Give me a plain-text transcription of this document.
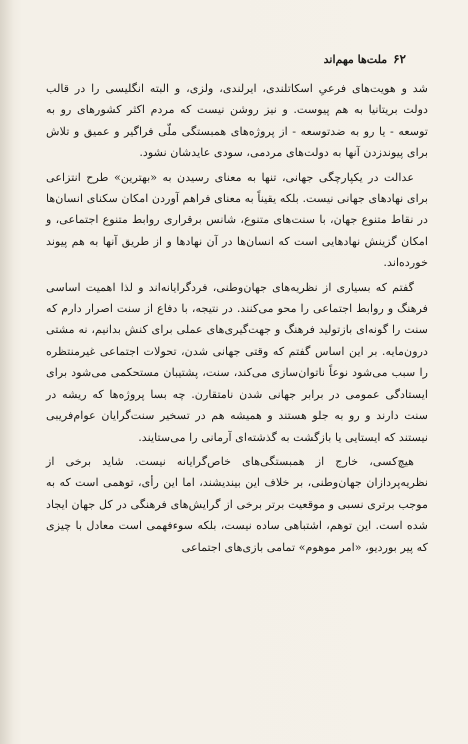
۶۲
ملت‌ها مهم‌اند

شد و هویت‌های فرعیِ اسکاتلندی، ایرلندی، ولزی، و البته انگلیسی را در قالب دولت بریتانیا به هم پیوست. و نیز روشن نیست که مردم اکثر کشورهای رو به توسعه - یا رو به ضدتوسعه - از پروژه‌های همبستگی ملّی فراگیر و عمیق و تلاش برای پیوندزدن آنها به دولت‌های مردمی، سودی عایدشان نشود.

عدالت در یکپارچگی جهانی، تنها به معنای رسیدن به «بهترین» طرح انتزاعی برای نهادهای جهانی نیست. بلکه یقیناً به معنای فراهم آوردن امکان سکنای انسان‌ها در نقاط متنوع جهان، با سنت‌های متنوع، شانس برقراری روابط متنوع اجتماعی، و امکان گزینش نهادهایی است که انسان‌ها در آن نهادها و از طریق آنها به هم پیوند خورده‌اند.

گفتم که بسیاری از نظریه‌های جهان‌وطنی، فردگرایانه‌اند و لذا اهمیت اساسی فرهنگ و روابط اجتماعی را محو می‌کنند. در نتیجه، با دفاع از سنت اصرار دارم که سنت را گونه‌ای بازتولید فرهنگ و جهت‌گیری‌های عملی برای کنش بدانیم، نه مشتی درون‌مایه. بر این اساس گفتم که وقتی جهانی شدن، تحولات اجتماعی غیرمنتظره را سبب می‌شود نوعاً ناتوان‌سازی می‌کند، سنت، پشتیبان مستحکمی می‌شود برای ایستادگی عمومی در برابر جهانی شدن نامتقارن. چه بسا پروژه‌ها که ریشه در سنت دارند و رو به جلو هستند و همیشه هم در تسخیر سنت‌گرایان عوام‌فریبی نیستند که ایستایی یا بازگشت به گذشته‌ای آرمانی را می‌ستایند.

هیچ‌کسی، خارج از همبستگی‌های خاص‌گرایانه نیست. شاید برخی از نظریه‌پردازان جهان‌وطنی، بر خلاف این بیندیشند، اما این رأی، توهمی است که به موجب برتری نسبی و موقعیت برتر برخی از گرایش‌های فرهنگی در کل جهان ایجاد شده است. این توهم، اشتباهی ساده نیست، بلکه سوء‌فهمی است معادل با چیزی که پیر بوردیو، «امر موهوم» تمامی بازی‌های اجتماعی
